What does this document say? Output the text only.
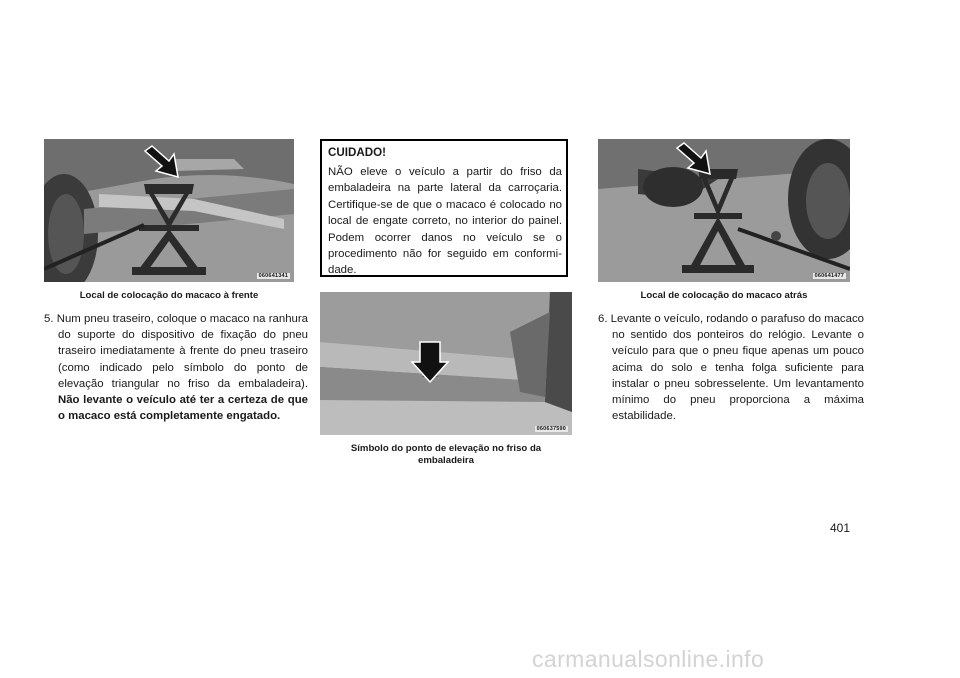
060641341
Local de colocação do macaco à frente
5. Num pneu traseiro, coloque o macaco na ranhura do suporte do dispositivo de fixação do pneu traseiro imediatamente à frente do pneu traseiro (como indicado pelo símbolo do ponto de elevação triangular no friso da embaladeira). Não levante o veículo até ter a certeza de que o macaco está completamente engatado.
CUIDADO!
NÃO eleve o veículo a partir do friso da embaladeira na parte lateral da carroçaria. Certifique-se de que o macaco é colocado no local de engate correto, no interior do painel. Podem ocorrer danos no veículo se o procedimento não for seguido em conformidade.
060637590
Símbolo do ponto de elevação no friso da
embaladeira
060641477
Local de colocação do macaco atrás
6. Levante o veículo, rodando o parafuso do macaco no sentido dos ponteiros do relógio. Levante o veículo para que o pneu fique apenas um pouco acima do solo e tenha folga suficiente para instalar o pneu sobresselente. Um levantamento mínimo do pneu proporciona a máxima estabilidade.
401
carmanualsonline.info
